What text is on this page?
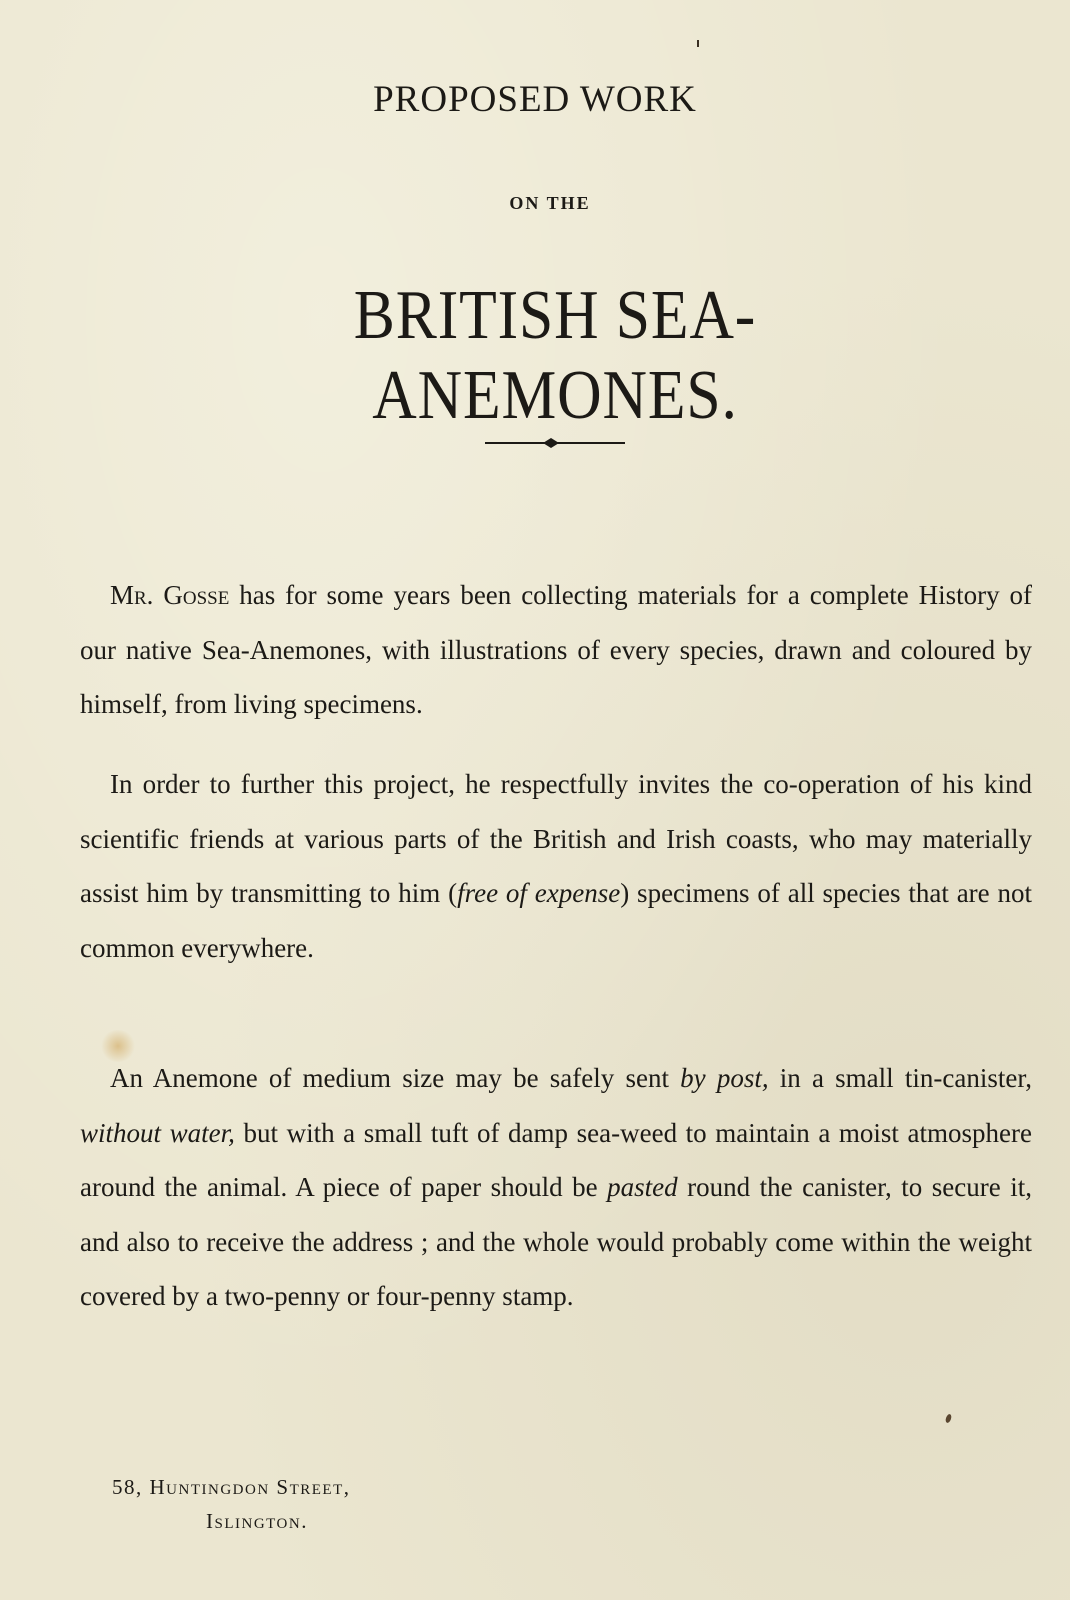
PROPOSED WORK
ON THE
BRITISH SEA-ANEMONES.

Mr. Gosse has for some years been collecting materials for a complete History of our native Sea-Anemones, with illustrations of every species, drawn and coloured by himself, from living specimens.

In order to further this project, he respectfully invites the co-operation of his kind scientific friends at various parts of the British and Irish coasts, who may materially assist him by transmitting to him (free of expense) specimens of all species that are not common everywhere.

An Anemone of medium size may be safely sent by post, in a small tin-canister, without water, but with a small tuft of damp sea-weed to maintain a moist atmosphere around the animal. A piece of paper should be pasted round the canister, to secure it, and also to receive the address ; and the whole would probably come within the weight covered by a two-penny or four-penny stamp.

58, Huntingdon Street,
Islington.
